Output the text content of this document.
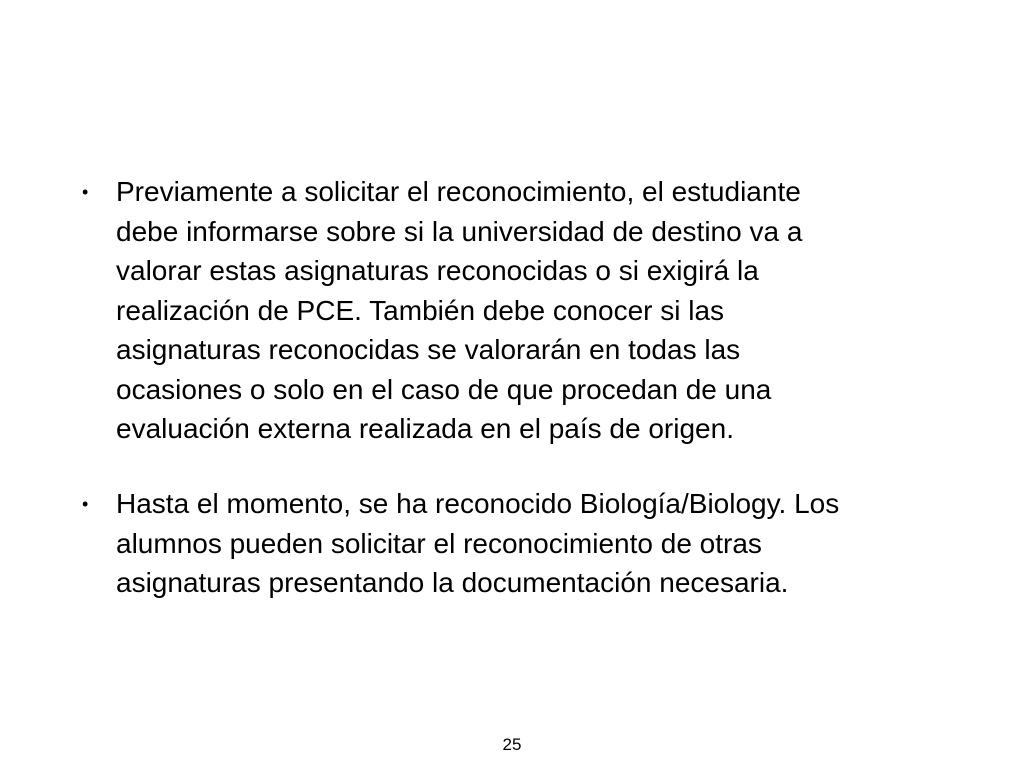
• Previamente a solicitar el reconocimiento, el estudiante
debe informarse sobre si la universidad de destino va a
valorar estas asignaturas reconocidas o si exigirá la
realización de PCE. También debe conocer si las
asignaturas reconocidas se valorarán en todas las
ocasiones o solo en el caso de que procedan de una
evaluación externa realizada en el país de origen.
• Hasta el momento, se ha reconocido Biología/Biology. Los
alumnos pueden solicitar el reconocimiento de otras
asignaturas presentando la documentación necesaria.
25
